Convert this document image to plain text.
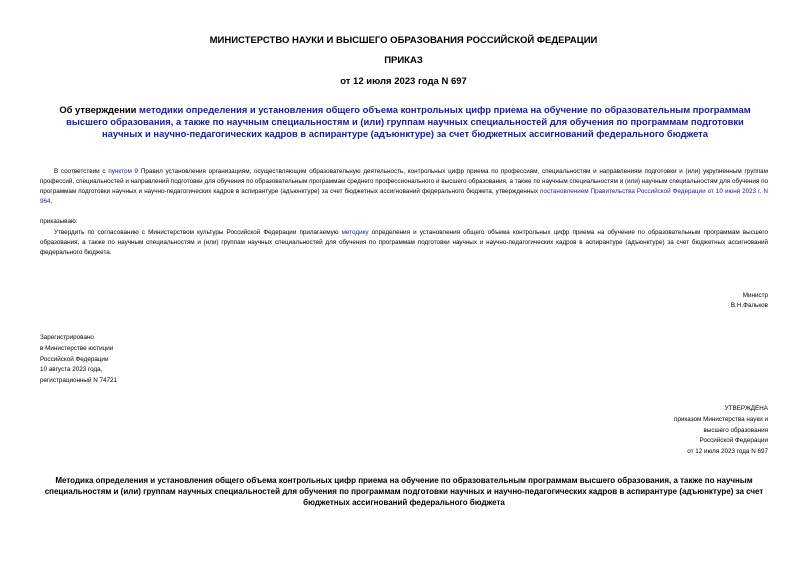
МИНИСТЕРСТВО НАУКИ И ВЫСШЕГО ОБРАЗОВАНИЯ РОССИЙСКОЙ ФЕДЕРАЦИИ
ПРИКАЗ
от 12 июля 2023 года N 697
Об утверждении методики определения и установления общего объема контрольных цифр приема на обучение по образовательным программам высшего образования, а также по научным специальностям и (или) группам научных специальностей для обучения по программам подготовки научных и научно-педагогических кадров в аспирантуре (адъюнктуре) за счет бюджетных ассигнований федерального бюджета
В соответствии с пунктом 9 Правил установления организациям, осуществляющим образовательную деятельность, контрольных цифр приема по профессиям, специальностям и направлениям подготовки и (или) укрупненным группам профессий, специальностей и направлений подготовки для обучения по образовательным программам среднего профессионального и высшего образования, а также по научным специальностям и (или) научным специальностям для обучения по программам подготовки научных и научно-педагогических кадров в аспирантуре (адъюнктуре) за счет бюджетных ассигнований федерального бюджета, утвержденных постановлением Правительства Российской Федерации от 10 июня 2023 г. N 964,
приказываю:
Утвердить по согласованию с Министерством культуры Российской Федерации прилагаемую методику определения и установления общего объема контрольных цифр приема на обучение по образовательным программам высшего образования, а также по научным специальностям и (или) группам научных специальностей для обучения по программам подготовки научных и научно-педагогических кадров в аспирантуре (адъюнктуре) за счет бюджетных ассигнований федерального бюджета.
Министр
В.Н.Фальков
Зарегистрировано
в Министерстве юстиции
Российской Федерации
10 августа 2023 года,
регистрационный N 74721
УТВЕРЖДЕНА
приказом Министерства науки и
высшего образования
Российской Федерации
от 12 июля 2023 года N 697
Методика определения и установления общего объема контрольных цифр приема на обучение по образовательным программам высшего образования, а также по научным специальностям и (или) группам научных специальностей для обучения по программам подготовки научных и научно-педагогических кадров в аспирантуре (адъюнктуре) за счет бюджетных ассигнований федерального бюджета
